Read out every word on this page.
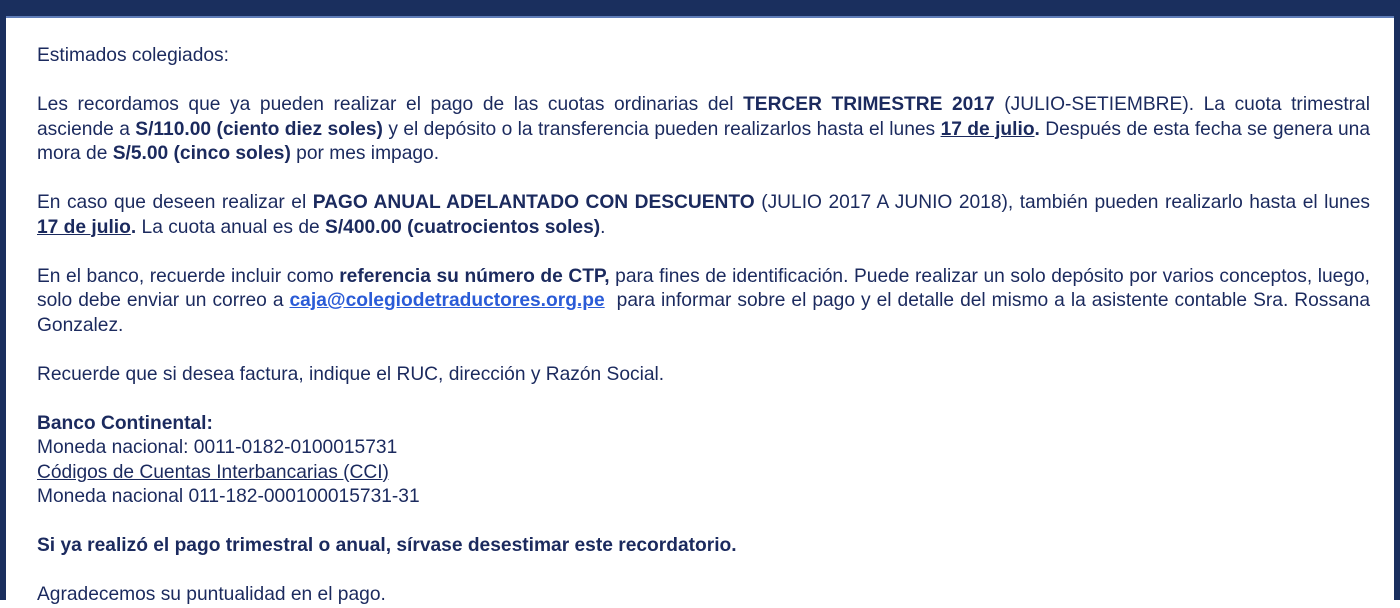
Estimados colegiados:

Les recordamos que ya pueden realizar el pago de las cuotas ordinarias del TERCER TRIMESTRE 2017 (JULIO-SETIEMBRE). La cuota trimestral asciende a S/110.00 (ciento diez soles) y el depósito o la transferencia pueden realizarlos hasta el lunes 17 de julio. Después de esta fecha se genera una mora de S/5.00 (cinco soles) por mes impago.

En caso que deseen realizar el PAGO ANUAL ADELANTADO CON DESCUENTO (JULIO 2017 A JUNIO 2018), también pueden realizarlo hasta el lunes 17 de julio. La cuota anual es de S/400.00 (cuatrocientos soles).

En el banco, recuerde incluir como referencia su número de CTP, para fines de identificación. Puede realizar un solo depósito por varios conceptos, luego, solo debe enviar un correo a caja@colegiodetraductores.org.pe  para informar sobre el pago y el detalle del mismo a la asistente contable Sra. Rossana Gonzalez.

Recuerde que si desea factura, indique el RUC, dirección y Razón Social.

Banco Continental:

Moneda nacional: 0011-0182-0100015731

Códigos de Cuentas Interbancarias (CCI)

Moneda nacional 011-182-000100015731-31

Si ya realizó el pago trimestral o anual, sírvase desestimar este recordatorio.

Agradecemos su puntualidad en el pago.
